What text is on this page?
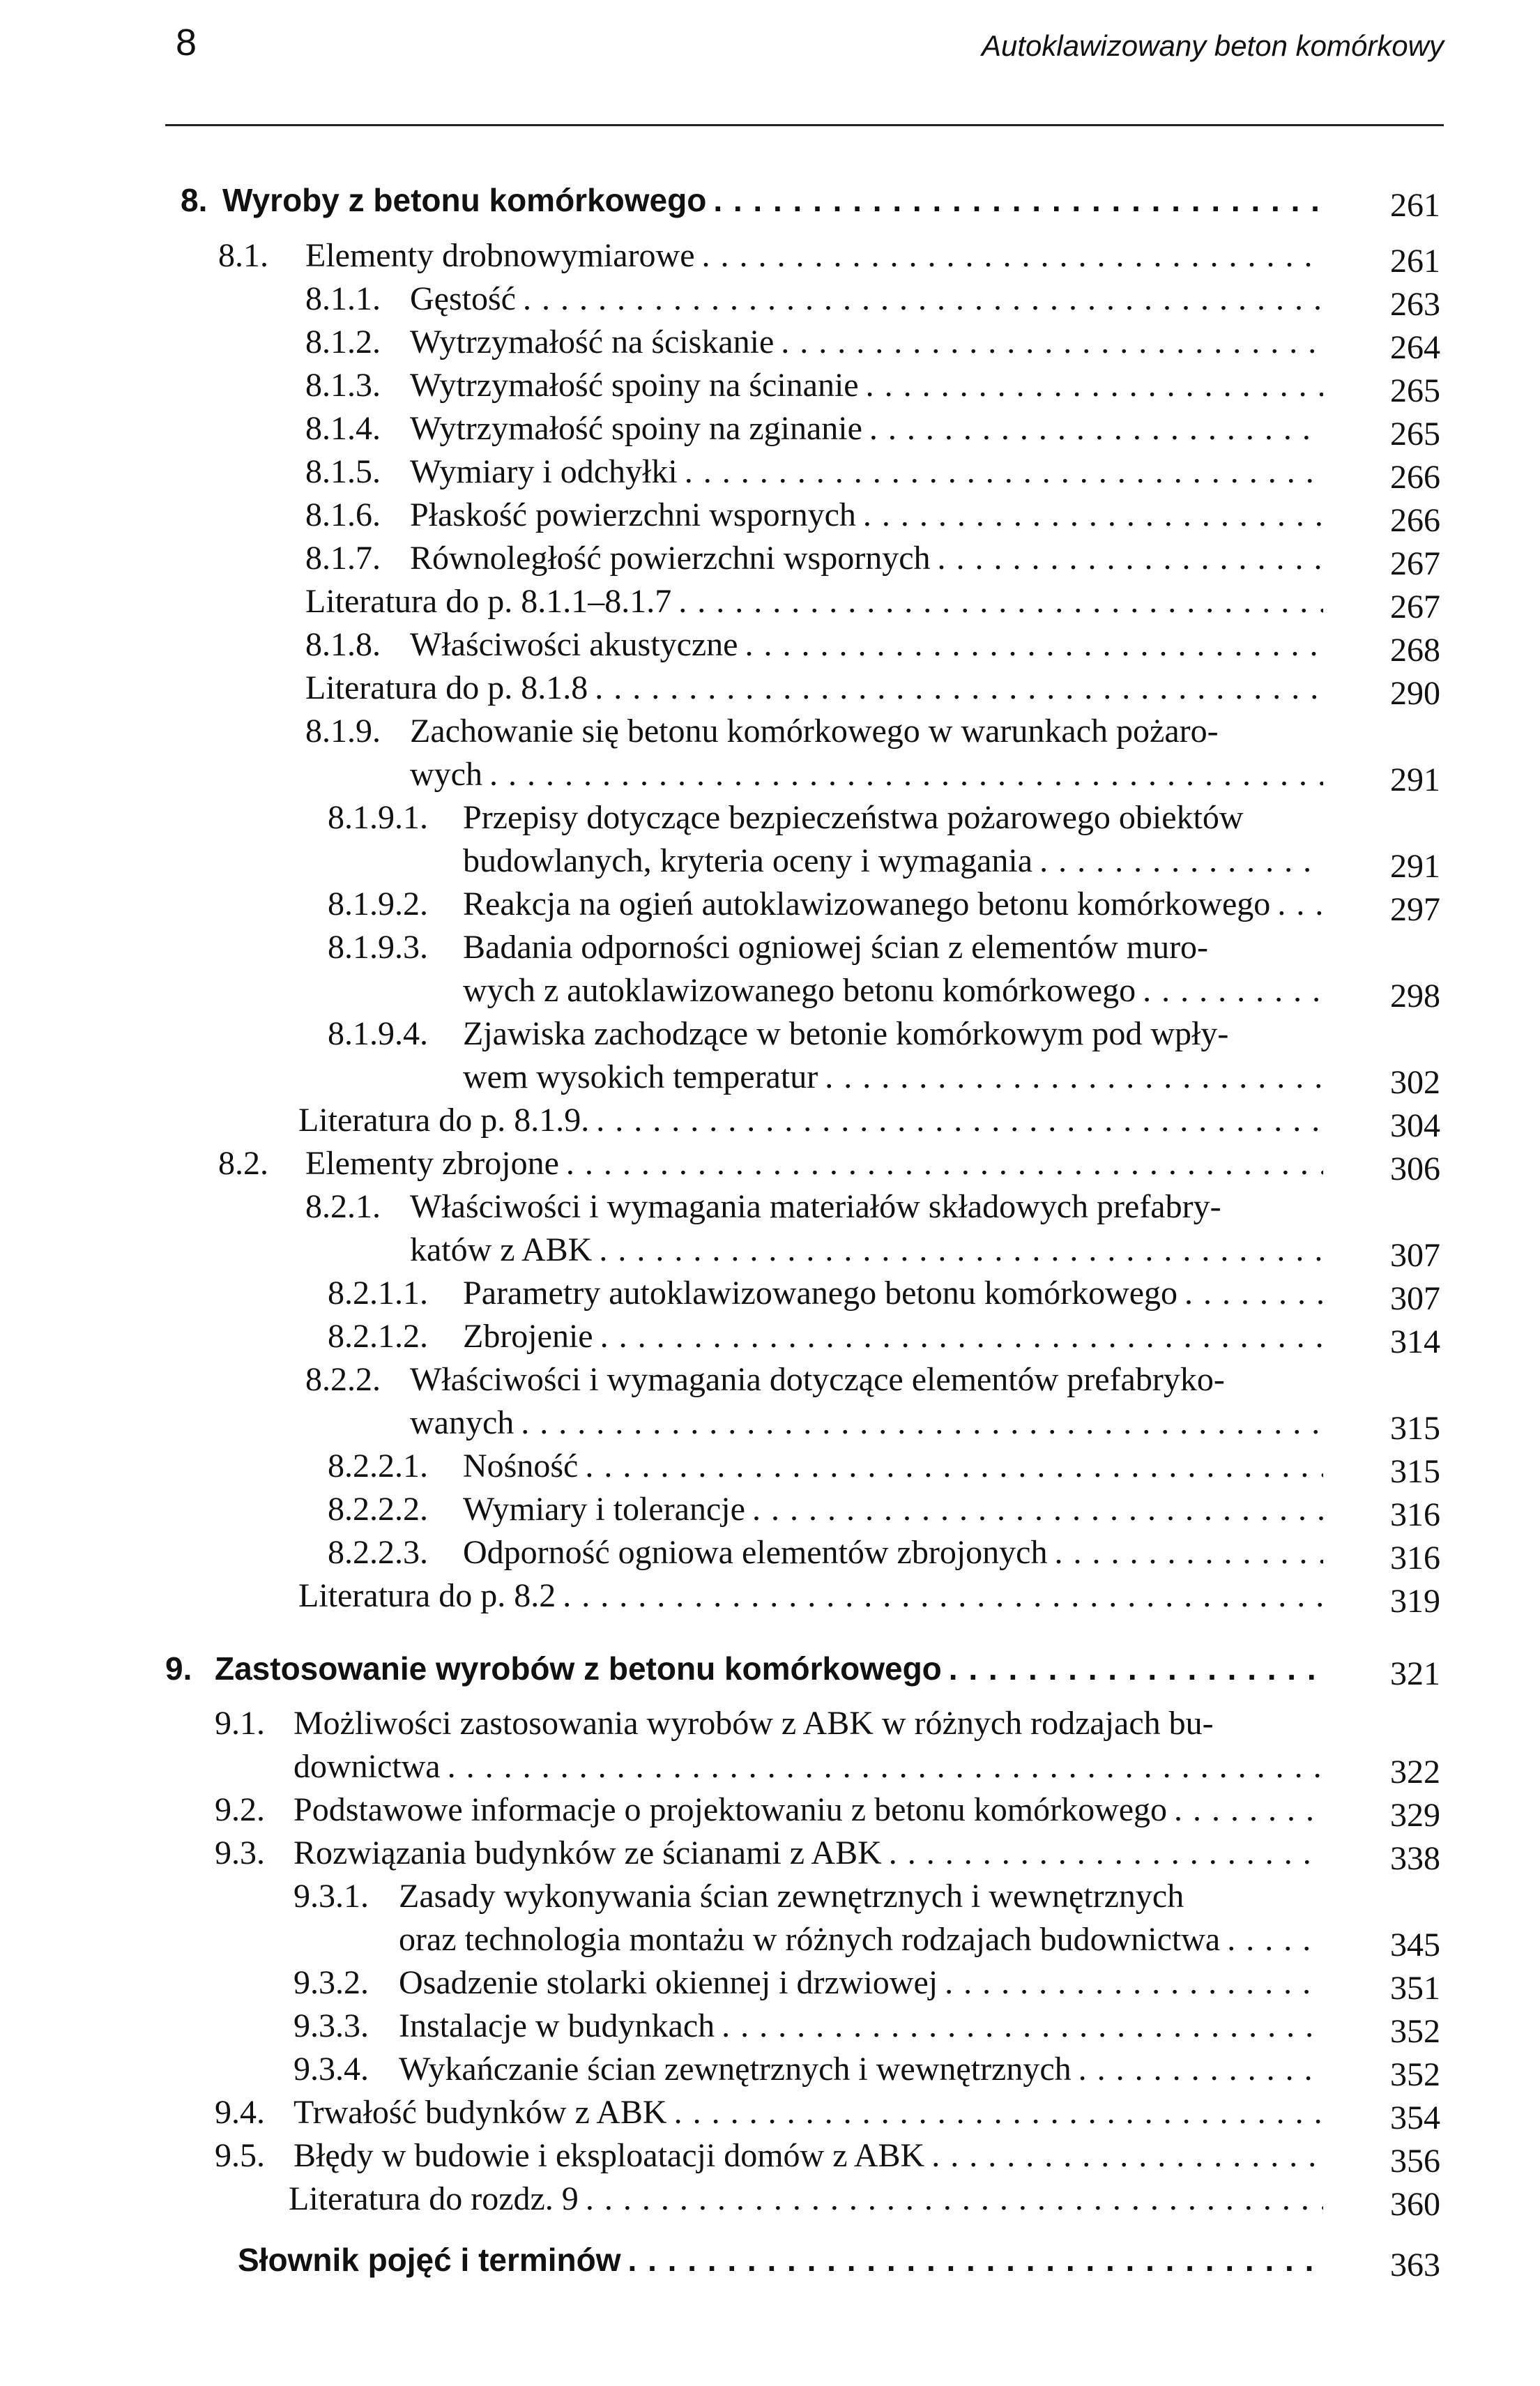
8	Autoklawizowany beton komórkowy
8. Wyroby z betonu komórkowego . . .	261
8.1. Elementy drobnowymiarowe . . .	261
8.1.1. Gęstość . . .	263
8.1.2. Wytrzymałość na ściskanie . . .	264
8.1.3. Wytrzymałość spoiny na ścinanie . . .	265
8.1.4. Wytrzymałość spoiny na zginanie . . .	265
8.1.5. Wymiary i odchyłki . . .	266
8.1.6. Płaskość powierzchni wspornych . . .	266
8.1.7. Równoległość powierzchni wspornych . . .	267
Literatura do p. 8.1.1–8.1.7 . . .	267
8.1.8. Właściwości akustyczne . . .	268
Literatura do p. 8.1.8 . . .	290
8.1.9. Zachowanie się betonu komórkowego w warunkach pożaro-
wych . . .	291
8.1.9.1. Przepisy dotyczące bezpieczeństwa pożarowego obiektów
budowlanych, kryteria oceny i wymagania . . .	291
8.1.9.2. Reakcja na ogień autoklawizowanego betonu komórkowego . . .	297
8.1.9.3. Badania odporności ogniowej ścian z elementów muro-
wych z autoklawizowanego betonu komórkowego . . .	298
8.1.9.4. Zjawiska zachodzące w betonie komórkowym pod wpły-
wem wysokich temperatur . . .	302
Literatura do p. 8.1.9. . . .	304
8.2. Elementy zbrojone . . .	306
8.2.1. Właściwości i wymagania materiałów składowych prefabry-
katów z ABK . . .	307
8.2.1.1. Parametry autoklawizowanego betonu komórkowego . . .	307
8.2.1.2. Zbrojenie . . .	314
8.2.2. Właściwości i wymagania dotyczące elementów prefabryko-
wanych . . .	315
8.2.2.1. Nośność . . .	315
8.2.2.2. Wymiary i tolerancje . . .	316
8.2.2.3. Odporność ogniowa elementów zbrojonych . . .	316
Literatura do p. 8.2 . . .	319
9. Zastosowanie wyrobów z betonu komórkowego . . .	321
9.1. Możliwości zastosowania wyrobów z ABK w różnych rodzajach bu-
downictwa . . .	322
9.2. Podstawowe informacje o projektowaniu z betonu komórkowego . . .	329
9.3. Rozwiązania budynków ze ścianami z ABK . . .	338
9.3.1. Zasady wykonywania ścian zewnętrznych i wewnętrznych
oraz technologia montażu w różnych rodzajach budownictwa . . .	345
9.3.2. Osadzenie stolarki okiennej i drzwiowej . . .	351
9.3.3. Instalacje w budynkach . . .	352
9.3.4. Wykańczanie ścian zewnętrznych i wewnętrznych . . .	352
9.4. Trwałość budynków z ABK . . .	354
9.5. Błędy w budowie i eksploatacji domów z ABK . . .	356
Literatura do rozdz. 9 . . .	360
Słownik pojęć i terminów . . .	363
